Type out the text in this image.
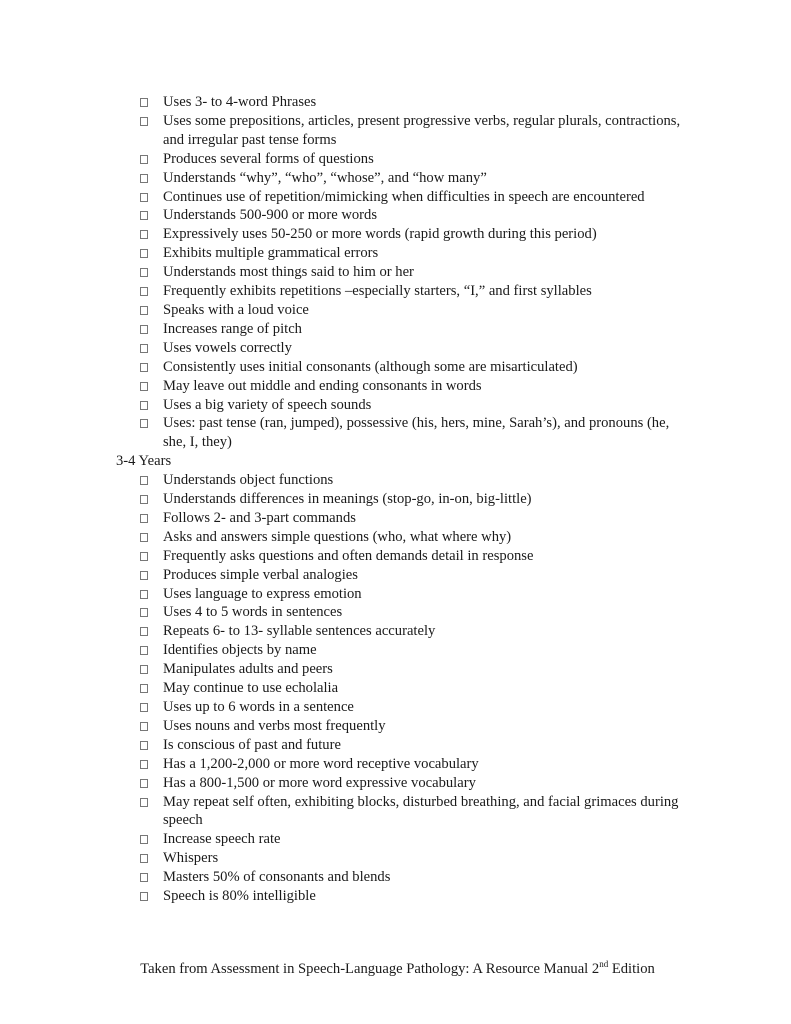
Uses 3- to 4-word Phrases
Uses some prepositions, articles, present progressive verbs, regular plurals, contractions, and irregular past tense forms
Produces several forms of questions
Understands “why”, “who”, “whose”, and “how many”
Continues use of repetition/mimicking when difficulties in speech are encountered
Understands 500-900 or more words
Expressively uses 50-250 or more words (rapid growth during this period)
Exhibits multiple grammatical errors
Understands most things said to him or her
Frequently exhibits repetitions –especially starters, “I,” and first syllables
Speaks with a loud voice
Increases range of pitch
Uses vowels correctly
Consistently uses initial consonants (although some are misarticulated)
May leave out middle and ending consonants in words
Uses a big variety of speech sounds
Uses: past tense (ran, jumped), possessive (his, hers, mine, Sarah’s), and pronouns (he, she, I, they)
3-4 Years
Understands object functions
Understands differences in meanings (stop-go, in-on, big-little)
Follows 2- and 3-part commands
Asks and answers simple questions (who, what where why)
Frequently asks questions and often demands detail in response
Produces simple verbal analogies
Uses language to express emotion
Uses 4 to 5 words in sentences
Repeats 6- to 13- syllable sentences accurately
Identifies objects by name
Manipulates adults and peers
May continue to use echolalia
Uses up to 6 words in a sentence
Uses nouns and verbs most frequently
Is conscious of past and future
Has a 1,200-2,000 or more word receptive vocabulary
Has a 800-1,500 or more word expressive vocabulary
May repeat self often, exhibiting blocks, disturbed breathing, and facial grimaces during speech
Increase speech rate
Whispers
Masters 50% of consonants and blends
Speech is 80% intelligible
Taken from Assessment in Speech-Language Pathology: A Resource Manual 2nd Edition
